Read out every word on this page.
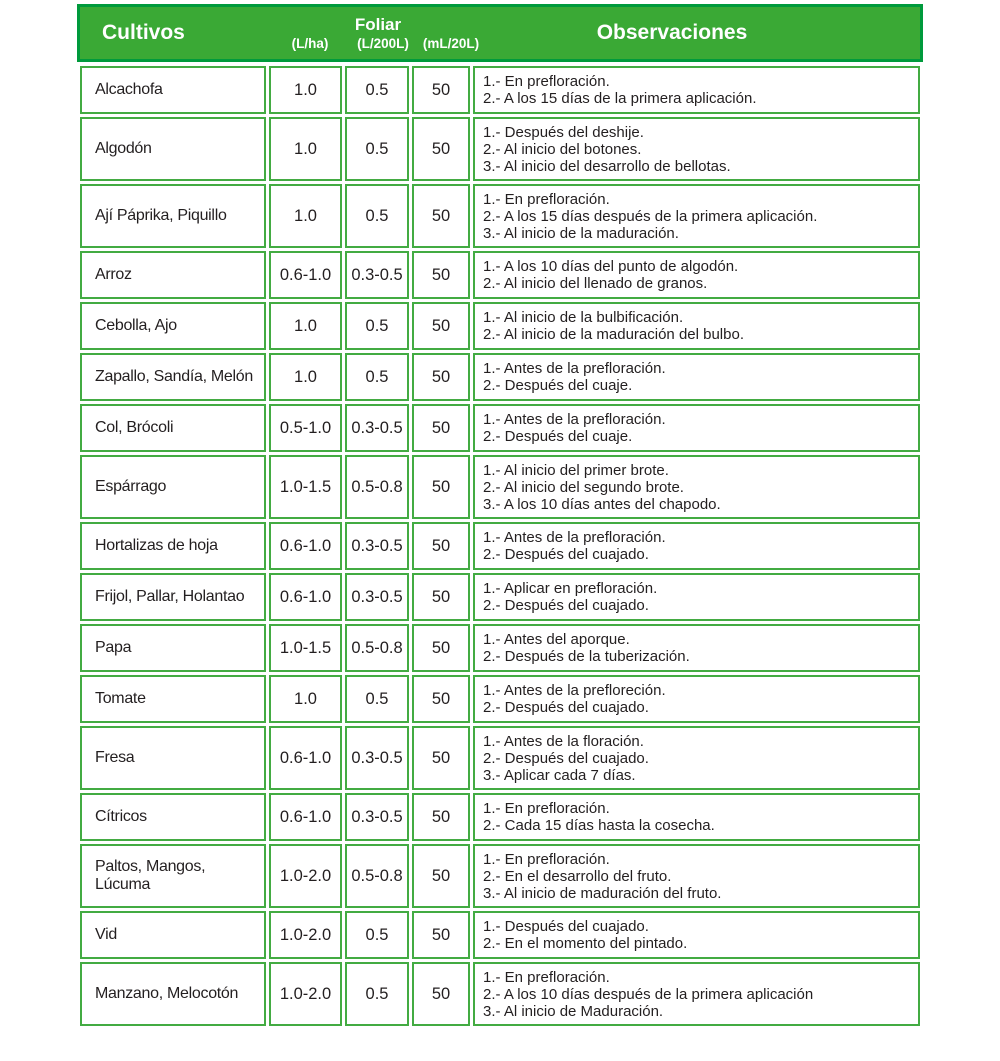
Cultivos	Foliar
(L/ha)	(L/200L)	(mL/20L)	Observaciones
Alcachofa	1.0	0.5	50	1.- En prefloración.
2.- A los 15 días de la primera aplicación.

Algodón	1.0	0.5	50	1.- Después del deshije.
2.- Al inicio del botones.
3.- Al inicio del desarrollo de bellotas.

Ají Páprika, Piquillo	1.0	0.5	50	1.- En prefloración.
2.- A los 15 días después de la primera aplicación.
3.- Al inicio de la maduración.

Arroz	0.6-1.0	0.3-0.5	50	1.- A los 10 días del punto de algodón.
2.- Al inicio del llenado de granos.

Cebolla, Ajo	1.0	0.5	50	1.- Al inicio de la bulbificación.
2.- Al inicio de la maduración del bulbo.

Zapallo, Sandía, Melón	1.0	0.5	50	1.- Antes de la prefloración.
2.- Después del cuaje.

Col, Brócoli	0.5-1.0	0.3-0.5	50	1.- Antes de la prefloración.
2.- Después del cuaje.

Espárrago	1.0-1.5	0.5-0.8	50	1.- Al inicio del primer brote.
2.- Al inicio del segundo brote.
3.- A los 10 días antes del chapodo.

Hortalizas de hoja	0.6-1.0	0.3-0.5	50	1.- Antes de la prefloración.
2.- Después del cuajado.

Frijol, Pallar, Holantao	0.6-1.0	0.3-0.5	50	1.- Aplicar en prefloración.
2.- Después del cuajado.

Papa	1.0-1.5	0.5-0.8	50	1.- Antes del aporque.
2.- Después de la tuberización.

Tomate	1.0	0.5	50	1.- Antes de la prefloreción.
2.- Después del cuajado.

Fresa	0.6-1.0	0.3-0.5	50	1.- Antes de la floración.
2.- Después del cuajado.
3.- Aplicar cada 7 días.

Cítricos	0.6-1.0	0.3-0.5	50	1.- En prefloración.
2.- Cada 15 días hasta la cosecha.

Paltos, Mangos, Lúcuma	1.0-2.0	0.5-0.8	50	1.- En prefloración.
2.- En el desarrollo del fruto.
3.- Al inicio de maduración del fruto.

Vid	1.0-2.0	0.5	50	1.- Después del cuajado.
2.- En el momento del pintado.

Manzano, Melocotón	1.0-2.0	0.5	50	1.- En prefloración.
2.- A los 10 días después de la primera aplicación
3.- Al inicio de Maduración.
